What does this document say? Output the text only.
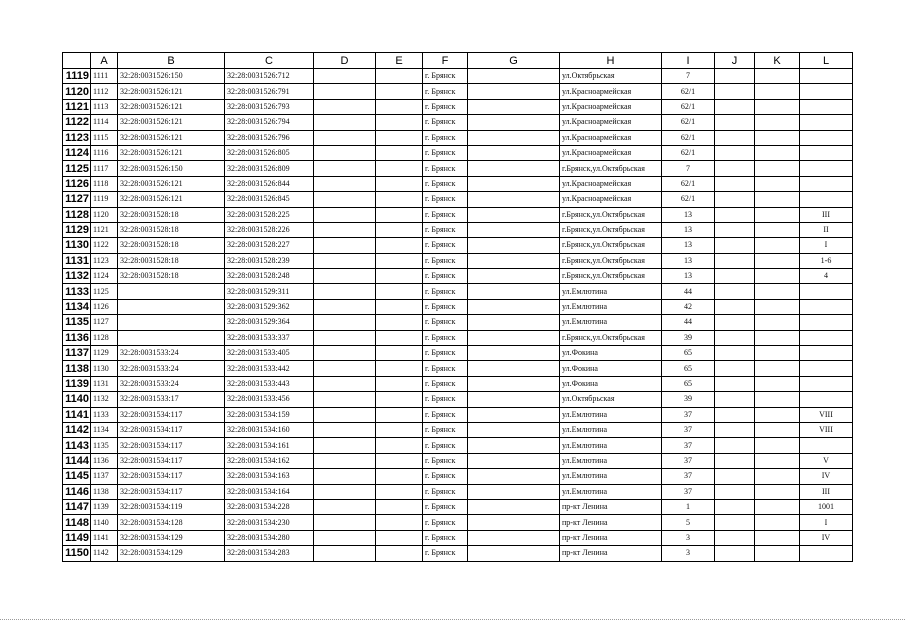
	A	B	C	D	E	F	G	H	I	J	K	L
1119	1111	32:28:0031526:150	32:28:0031526:712			г. Брянск		ул.Октябрьская	7			
1120	1112	32:28:0031526:121	32:28:0031526:791			г. Брянск		ул.Красноармейская	62/1			
1121	1113	32:28:0031526:121	32:28:0031526:793			г. Брянск		ул.Красноармейская	62/1			
1122	1114	32:28:0031526:121	32:28:0031526:794			г. Брянск		ул.Красноармейская	62/1			
1123	1115	32:28:0031526:121	32:28:0031526:796			г. Брянск		ул.Красноармейская	62/1			
1124	1116	32:28:0031526:121	32:28:0031526:805			г. Брянск		ул.Красноармейская	62/1			
1125	1117	32:28:0031526:150	32:28:0031526:809			г. Брянск		г.Брянск,ул.Октябрьская	7			
1126	1118	32:28:0031526:121	32:28:0031526:844			г. Брянск		ул.Красноармейская	62/1			
1127	1119	32:28:0031526:121	32:28:0031526:845			г. Брянск		ул.Красноармейская	62/1			
1128	1120	32:28:0031528:18	32:28:0031528:225			г. Брянск		г.Брянск,ул.Октябрьская	13			III
1129	1121	32:28:0031528:18	32:28:0031528:226			г. Брянск		г.Брянск,ул.Октябрьская	13			II
1130	1122	32:28:0031528:18	32:28:0031528:227			г. Брянск		г.Брянск,ул.Октябрьская	13			I
1131	1123	32:28:0031528:18	32:28:0031528:239			г. Брянск		г.Брянск,ул.Октябрьская	13			1-6
1132	1124	32:28:0031528:18	32:28:0031528:248			г. Брянск		г.Брянск,ул.Октябрьская	13			4
1133	1125		32:28:0031529:311			г. Брянск		ул.Емлютина	44			
1134	1126		32:28:0031529:362			г. Брянск		ул.Емлютина	42			
1135	1127		32:28:0031529:364			г. Брянск		ул.Емлютина	44			
1136	1128		32:28:0031533:337			г. Брянск		г.Брянск,ул.Октябрьская	39			
1137	1129	32:28:0031533:24	32:28:0031533:405			г. Брянск		ул.Фокина	65			
1138	1130	32:28:0031533:24	32:28:0031533:442			г. Брянск		ул.Фокина	65			
1139	1131	32:28:0031533:24	32:28:0031533:443			г. Брянск		ул.Фокина	65			
1140	1132	32:28:0031533:17	32:28:0031533:456			г. Брянск		ул.Октябрьская	39			
1141	1133	32:28:0031534:117	32:28:0031534:159			г. Брянск		ул.Емлютина	37			VIII
1142	1134	32:28:0031534:117	32:28:0031534:160			г. Брянск		ул.Емлютина	37			VIII
1143	1135	32:28:0031534:117	32:28:0031534:161			г. Брянск		ул.Емлютина	37			
1144	1136	32:28:0031534:117	32:28:0031534:162			г. Брянск		ул.Емлютина	37			V
1145	1137	32:28:0031534:117	32:28:0031534:163			г. Брянск		ул.Емлютина	37			IV
1146	1138	32:28:0031534:117	32:28:0031534:164			г. Брянск		ул.Емлютина	37			III
1147	1139	32:28:0031534:119	32:28:0031534:228			г. Брянск		пр-кт Ленина	1			1001
1148	1140	32:28:0031534:128	32:28:0031534:230			г. Брянск		пр-кт Ленина	5			I
1149	1141	32:28:0031534:129	32:28:0031534:280			г. Брянск		пр-кт Ленина	3			IV
1150	1142	32:28:0031534:129	32:28:0031534:283			г. Брянск		пр-кт Ленина	3			
